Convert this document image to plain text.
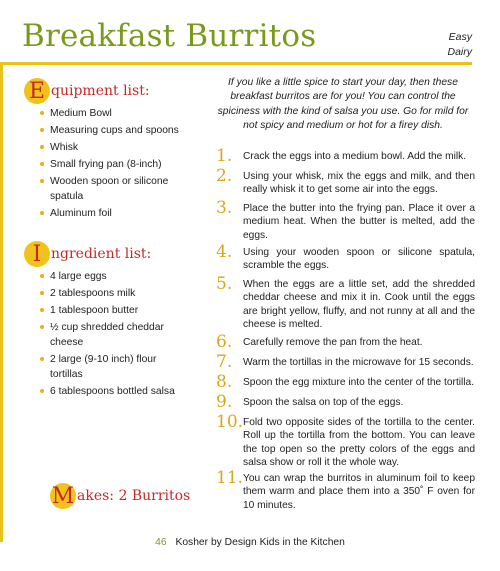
Breakfast Burritos	Easy
Dairy
E quipment list:
Medium Bowl
Measuring cups and spoons
Whisk
Small frying pan (8-inch)
Wooden spoon or silicone spatula
Aluminum foil
I ngredient list:
4 large eggs
2 tablespoons milk
1 tablespoon butter
½ cup shredded cheddar cheese
2 large (9-10 inch) flour tortillas
6 tablespoons bottled salsa
M akes: 2 Burritos
If you like a little spice to start your day, then these breakfast burritos are for you! You can control the spiciness with the kind of salsa you use. Go for mild for not spicy and medium or hot for a firey dish.
1.	Crack the eggs into a medium bowl. Add the milk.
2.	Using your whisk, mix the eggs and milk, and then really whisk it to get some air into the eggs.
3.	Place the butter into the frying pan. Place it over a medium heat. When the butter is melted, add the eggs.
4.	Using your wooden spoon or silicone spatula, scramble the eggs.
5.	When the eggs are a little set, add the shredded cheddar cheese and mix it in. Cook until the eggs are bright yellow, fluffy, and not runny at all and the cheese is melted.
6.	Carefully remove the pan from the heat.
7.	Warm the tortillas in the microwave for 15 seconds.
8.	Spoon the egg mixture into the center of the tortilla.
9.	Spoon the salsa on top of the eggs.
10. Fold two opposite sides of the tortilla to the center. Roll up the tortilla from the bottom. You can leave the top open so the pretty colors of the eggs and salsa show or roll it the whole way.
11. You can wrap the burritos in aluminum foil to keep them warm and place them into a 350˚ F oven for 10 minutes.
46 Kosher by Design Kids in the Kitchen
